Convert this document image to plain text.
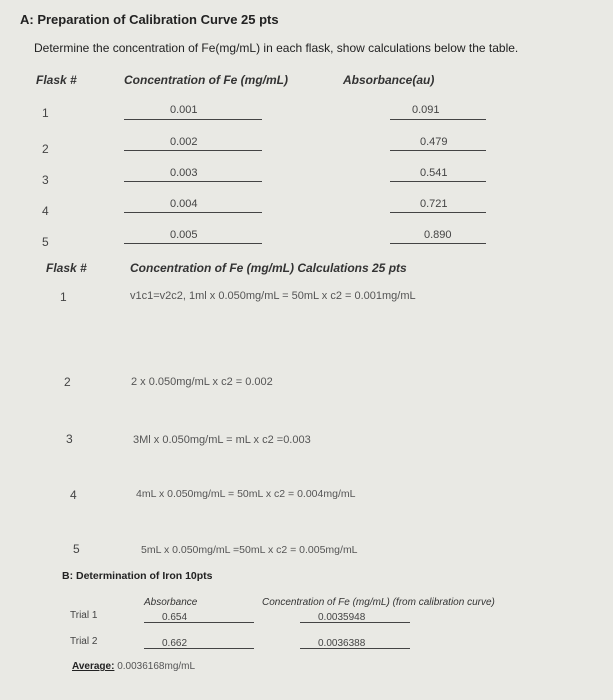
A: Preparation of Calibration Curve 25 pts
Determine the concentration of Fe(mg/mL) in each flask, show calculations below the table.
Flask #	Concentration of Fe (mg/mL)	Absorbance(au)
1	0.001	0.091
2	0.002	0.479
3	0.003	0.541
4	0.004	0.721
5	0.005	0.890
Flask #	Concentration of Fe (mg/mL) Calculations 25 pts
1	v1c1=v2c2, 1ml x 0.050mg/mL = 50mL x c2 = 0.001mg/mL
2	2 x 0.050mg/mL x c2 = 0.002
3	3Ml x 0.050mg/mL = mL x c2 =0.003
4	4mL x 0.050mg/mL = 50mL x c2 = 0.004mg/mL
5	5mL x 0.050mg/mL =50mL x c2 = 0.005mg/mL
B: Determination of Iron 10pts
Absorbance	Concentration of Fe (mg/mL) (from calibration curve)
Trial 1	0.654	0.0035948
Trial 2	0.662	0.0036388
Average: 0.0036168mg/mL
